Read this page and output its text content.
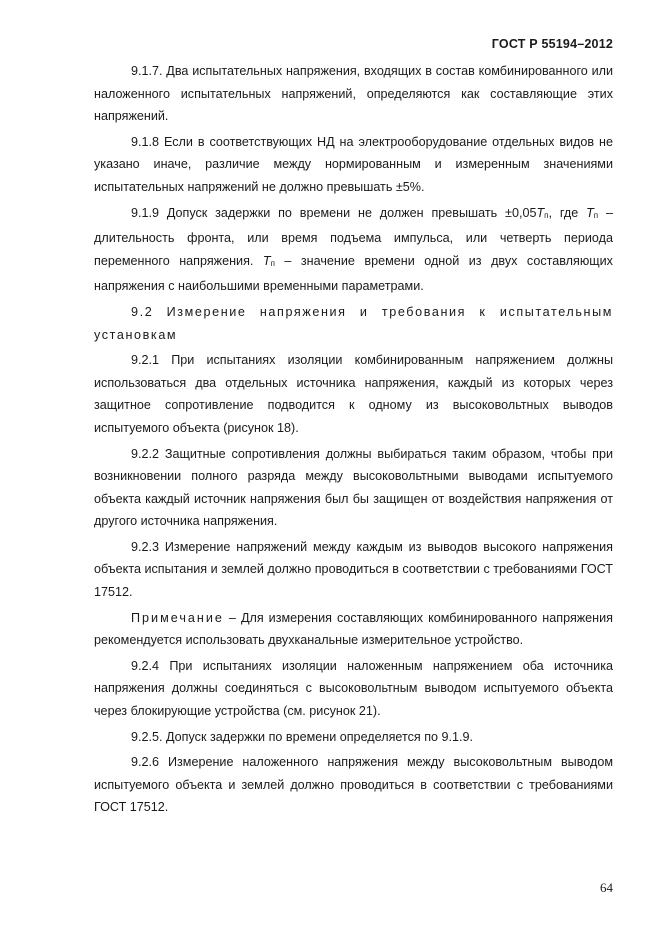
ГОСТ Р 55194–2012

9.1.7. Два испытательных напряжения, входящих в состав комбинированного или наложенного испытательных напряжений, определяются как составляющие этих напряжений.

9.1.8 Если в соответствующих НД на электрооборудование отдельных видов не указано иначе, различие между нормированным и измеренным значениями испытательных напряжений не должно превышать ±5%.

9.1.9 Допуск задержки по времени не должен превышать $\pm 0,05T_п$, где $T_п$ – длительность фронта, или время подъема импульса, или четверть периода переменного напряжения. $T_п$ – значение времени одной из двух составляющих напряжения с наибольшими временными параметрами.

9.2 Измерение напряжения и требования к испытательным установкам

9.2.1 При испытаниях изоляции комбинированным напряжением должны использоваться два отдельных источника напряжения, каждый из которых через защитное сопротивление подводится к одному из высоковольтных выводов испытуемого объекта (рисунок 18).

9.2.2 Защитные сопротивления должны выбираться таким образом, чтобы при возникновении полного разряда между высоковольтными выводами испытуемого объекта каждый источник напряжения был бы защищен от воздействия напряжения от другого источника напряжения.

9.2.3 Измерение напряжений между каждым из выводов высокого напряжения объекта испытания и землей должно проводиться в соответствии с требованиями ГОСТ 17512.

Примечание – Для измерения составляющих комбинированного напряжения рекомендуется использовать двухканальные измерительное устройство.

9.2.4 При испытаниях изоляции наложенным напряжением оба источника напряжения должны соединяться с высоковольтным выводом испытуемого объекта через блокирующие устройства (см. рисунок 21).

9.2.5. Допуск задержки по времени определяется по 9.1.9.

9.2.6 Измерение наложенного напряжения между высоковольтным выводом испытуемого объекта и землей должно проводиться в соответствии с требованиями ГОСТ 17512.

64
